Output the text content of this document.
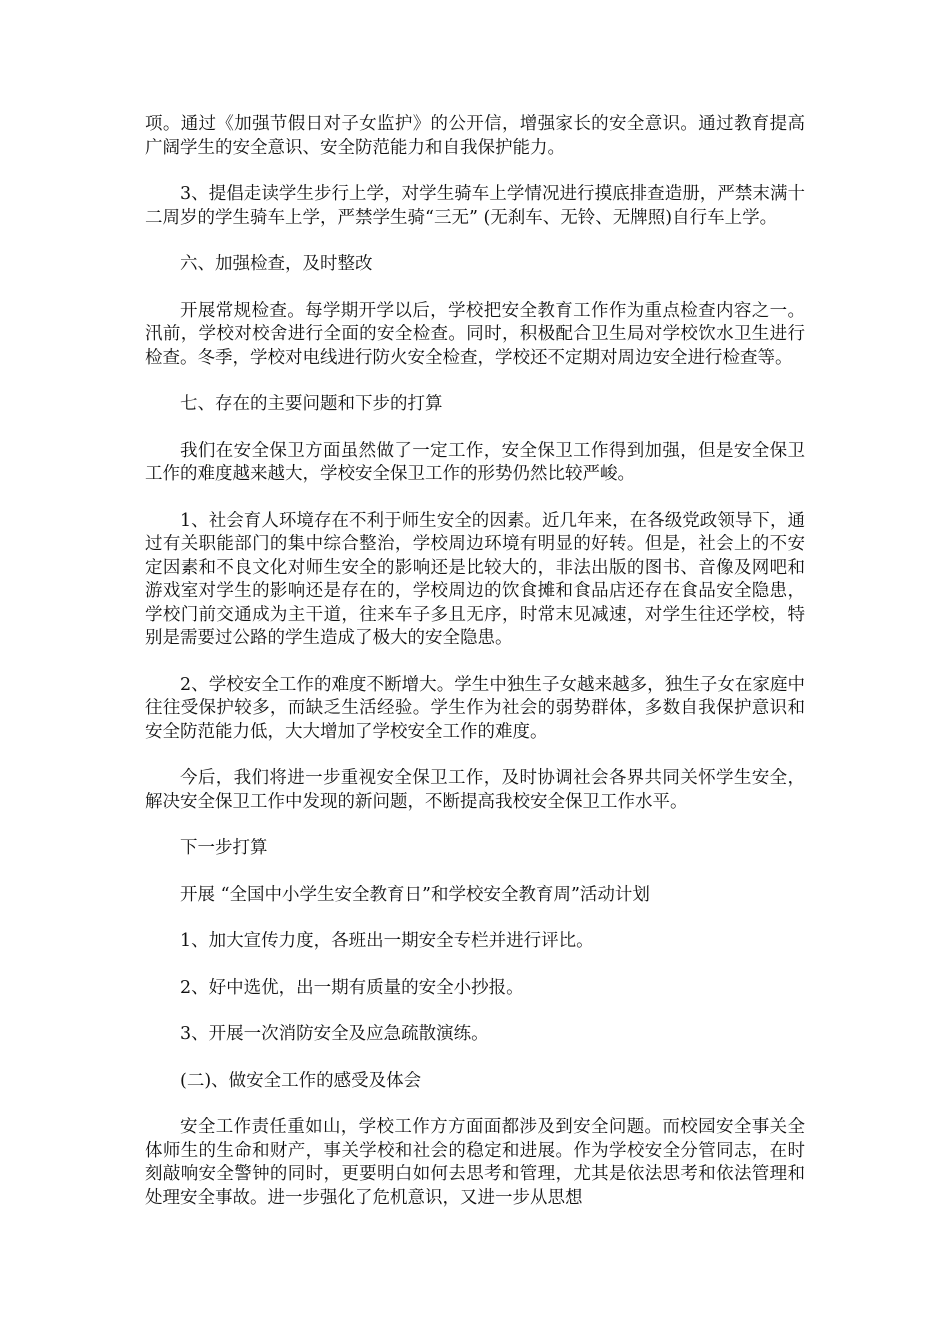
项。通过《加强节假日对子女监护》的公开信，增强家长的安全意识。通过教育提高广阔学生的安全意识、安全防范能力和自我保护能力。

3、提倡走读学生步行上学，对学生骑车上学情况进行摸底排查造册，严禁末满十二周岁的学生骑车上学，严禁学生骑“三无” (无刹车、无铃、无牌照)自行车上学。

六、加强检查，及时整改

开展常规检查。每学期开学以后，学校把安全教育工作作为重点检查内容之一。汛前，学校对校舍进行全面的安全检查。同时，积极配合卫生局对学校饮水卫生进行检查。冬季，学校对电线进行防火安全检查，学校还不定期对周边安全进行检查等。

七、存在的主要问题和下步的打算

我们在安全保卫方面虽然做了一定工作，安全保卫工作得到加强，但是安全保卫工作的难度越来越大，学校安全保卫工作的形势仍然比较严峻。

1、社会育人环境存在不利于师生安全的因素。近几年来，在各级党政领导下，通过有关职能部门的集中综合整治，学校周边环境有明显的好转。但是，社会上的不安定因素和不良文化对师生安全的影响还是比较大的，非法出版的图书、音像及网吧和游戏室对学生的影响还是存在的，学校周边的饮食摊和食品店还存在食品安全隐患，学校门前交通成为主干道，往来车子多且无序，时常末见减速，对学生往还学校，特别是需要过公路的学生造成了极大的安全隐患。

2、学校安全工作的难度不断增大。学生中独生子女越来越多，独生子女在家庭中往往受保护较多，而缺乏生活经验。学生作为社会的弱势群体，多数自我保护意识和安全防范能力低，大大增加了学校安全工作的难度。

今后，我们将进一步重视安全保卫工作，及时协调社会各界共同关怀学生安全，解决安全保卫工作中发现的新问题，不断提高我校安全保卫工作水平。

下一步打算

开展 “全国中小学生安全教育日”和学校安全教育周”活动计划

1、加大宣传力度，各班出一期安全专栏并进行评比。

2、好中选优，出一期有质量的安全小抄报。

3、开展一次消防安全及应急疏散演练。

(二)、做安全工作的感受及体会

安全工作责任重如山，学校工作方方面面都涉及到安全问题。而校园安全事关全体师生的生命和财产，事关学校和社会的稳定和进展。作为学校安全分管同志，在时刻敲响安全警钟的同时，更要明白如何去思考和管理，尤其是依法思考和依法管理和处理安全事故。进一步强化了危机意识，又进一步从思想
